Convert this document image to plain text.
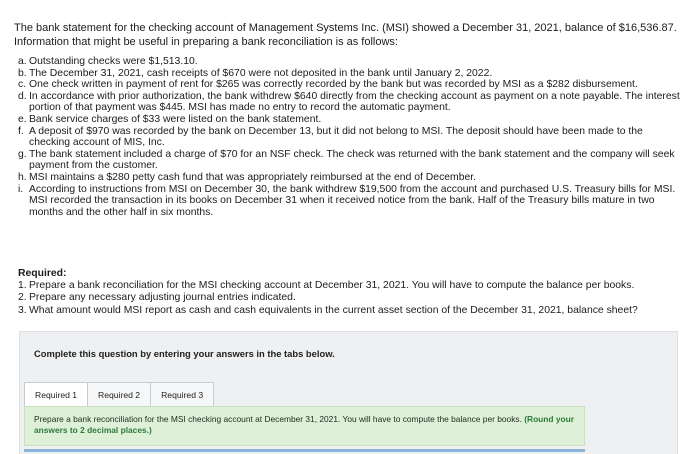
The bank statement for the checking account of Management Systems Inc. (MSI) showed a December 31, 2021, balance of $16,536.87.
Information that might be useful in preparing a bank reconciliation is as follows:
a. Outstanding checks were $1,513.10.
b. The December 31, 2021, cash receipts of $670 were not deposited in the bank until January 2, 2022.
c. One check written in payment of rent for $265 was correctly recorded by the bank but was recorded by MSI as a $282 disbursement.
d. In accordance with prior authorization, the bank withdrew $640 directly from the checking account as payment on a note payable. The interest portion of that payment was $445. MSI has made no entry to record the automatic payment.
e. Bank service charges of $33 were listed on the bank statement.
f. A deposit of $970 was recorded by the bank on December 13, but it did not belong to MSI. The deposit should have been made to the checking account of MIS, Inc.
g. The bank statement included a charge of $70 for an NSF check. The check was returned with the bank statement and the company will seek payment from the customer.
h. MSI maintains a $280 petty cash fund that was appropriately reimbursed at the end of December.
i. According to instructions from MSI on December 30, the bank withdrew $19,500 from the account and purchased U.S. Treasury bills for MSI. MSI recorded the transaction in its books on December 31 when it received notice from the bank. Half of the Treasury bills mature in two months and the other half in six months.
Required:
1. Prepare a bank reconciliation for the MSI checking account at December 31, 2021. You will have to compute the balance per books.
2. Prepare any necessary adjusting journal entries indicated.
3. What amount would MSI report as cash and cash equivalents in the current asset section of the December 31, 2021, balance sheet?
Complete this question by entering your answers in the tabs below.
Required 1	Required 2	Required 3
Prepare a bank reconciliation for the MSI checking account at December 31, 2021. You will have to compute the balance per books. (Round your answers to 2 decimal places.)
